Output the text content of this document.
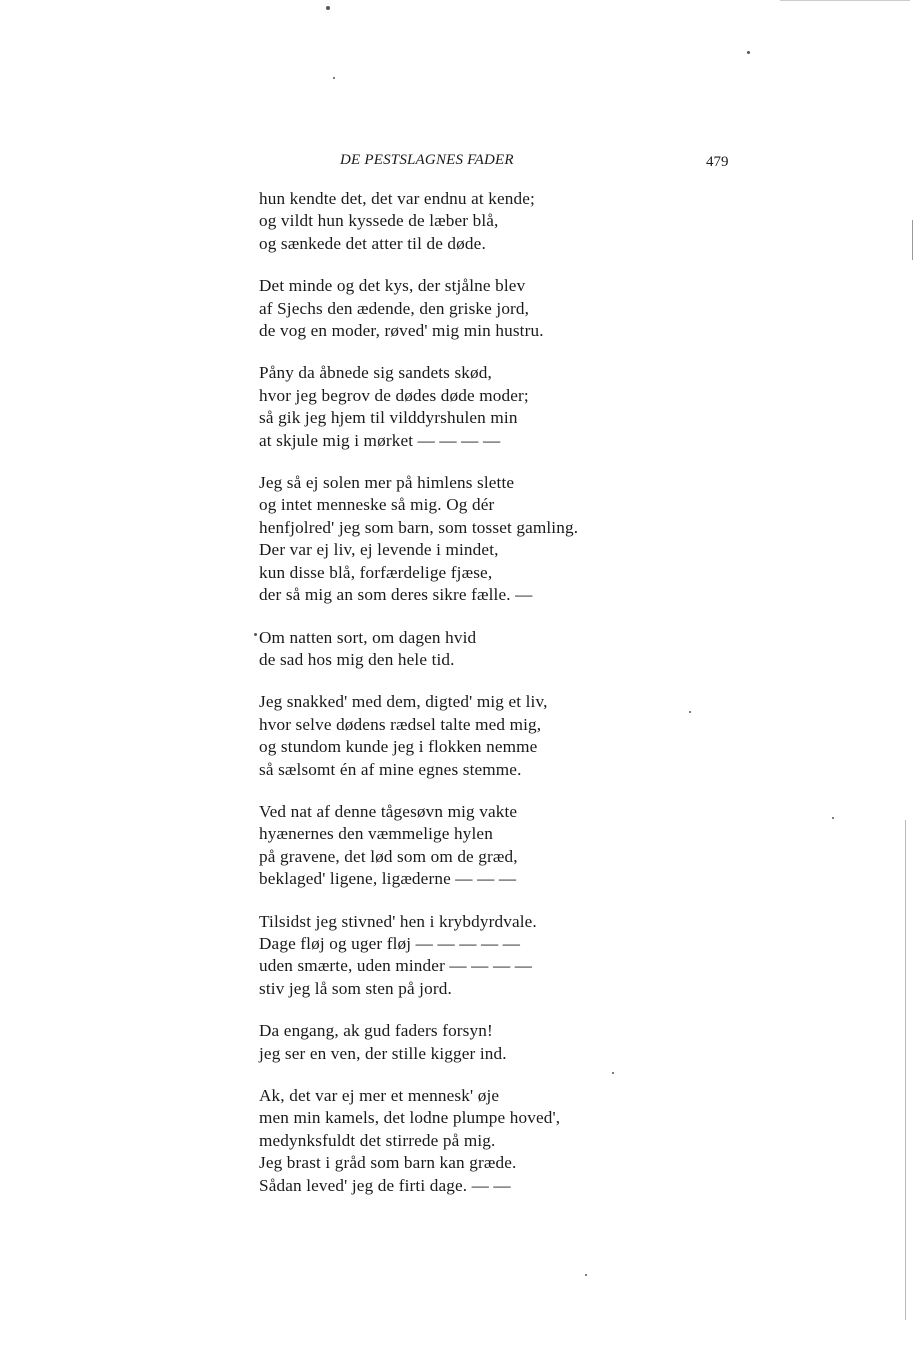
DE PESTSLAGNES FADER	479
hun kendte det, det var endnu at kende;
og vildt hun kyssede de læber blå,
og sænkede det atter til de døde.
Det minde og det kys, der stjålne blev
af Sjechs den ædende, den griske jord,
de vog en moder, røved' mig min hustru.
Påny da åbnede sig sandets skød,
hvor jeg begrov de dødes døde moder;
så gik jeg hjem til vilddyrshulen min
at skjule mig i mørket — — — —
Jeg så ej solen mer på himlens slette
og intet menneske så mig. Og dér
henfjolred' jeg som barn, som tosset gamling.
Der var ej liv, ej levende i mindet,
kun disse blå, forfærdelige fjæse,
der så mig an som deres sikre fælle. —
Om natten sort, om dagen hvid
de sad hos mig den hele tid.
Jeg snakked' med dem, digted' mig et liv,
hvor selve dødens rædsel talte med mig,
og stundom kunde jeg i flokken nemme
så sælsomt én af mine egnes stemme.
Ved nat af denne tågesøvn mig vakte
hyænernes den væmmelige hylen
på gravene, det lød som om de græd,
beklaged' ligene, ligæderne — — —
Tilsidst jeg stivned' hen i krybdyrdvale.
Dage fløj og uger fløj — — — — —
uden smærte, uden minder — — — —
stiv jeg lå som sten på jord.
Da engang, ak gud faders forsyn!
jeg ser en ven, der stille kigger ind.
Ak, det var ej mer et mennesk' øje
men min kamels, det lodne plumpe hoved',
medynksfuldt det stirrede på mig.
Jeg brast i gråd som barn kan græde.
Sådan leved' jeg de firti dage. — —
